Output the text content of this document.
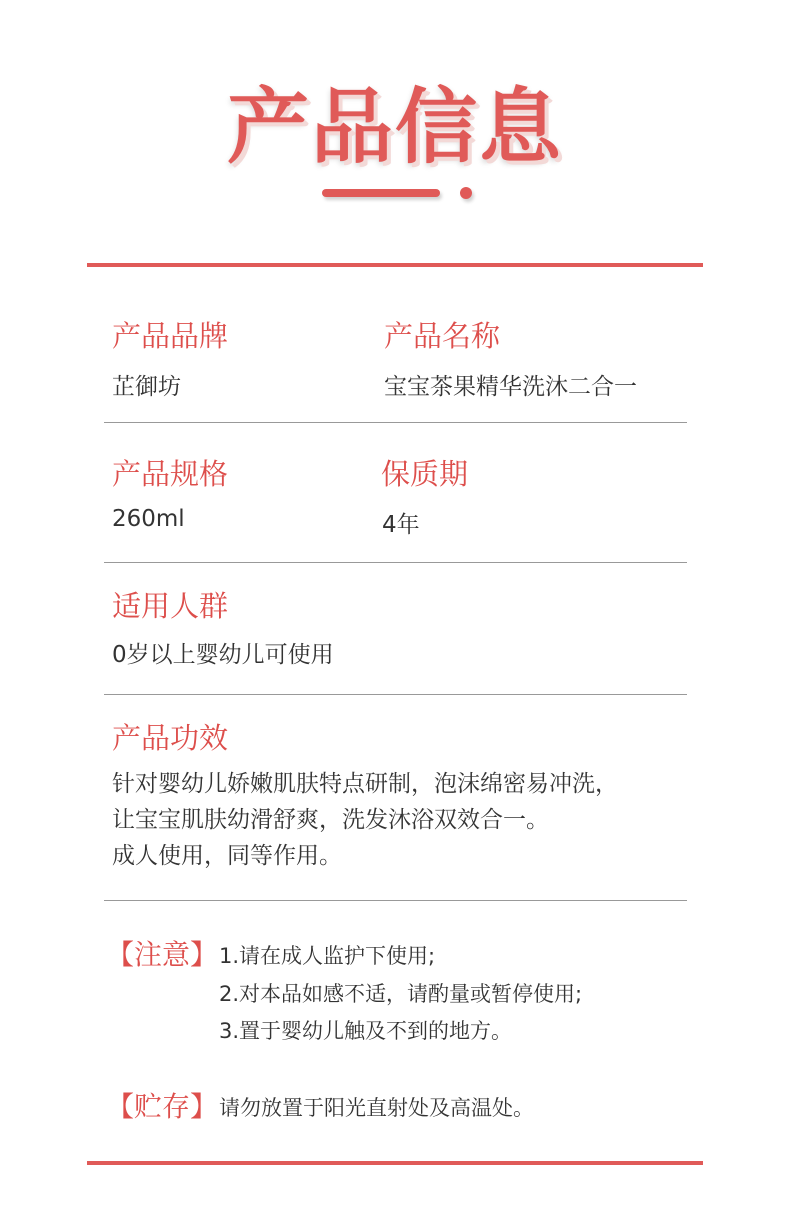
产品信息
产品品牌	产品名称
芷御坊	宝宝茶果精华洗沐二合一
产品规格	保质期
260ml	4年
适用人群
0岁以上婴幼儿可使用
产品功效
针对婴幼儿娇嫩肌肤特点研制，泡沫绵密易冲洗，
让宝宝肌肤幼滑舒爽，洗发沐浴双效合一。
成人使用，同等作用。
【注意】 1.请在成人监护下使用;
2.对本品如感不适，请酌量或暂停使用;
3.置于婴幼儿触及不到的地方。
【贮存】 请勿放置于阳光直射处及高温处。
